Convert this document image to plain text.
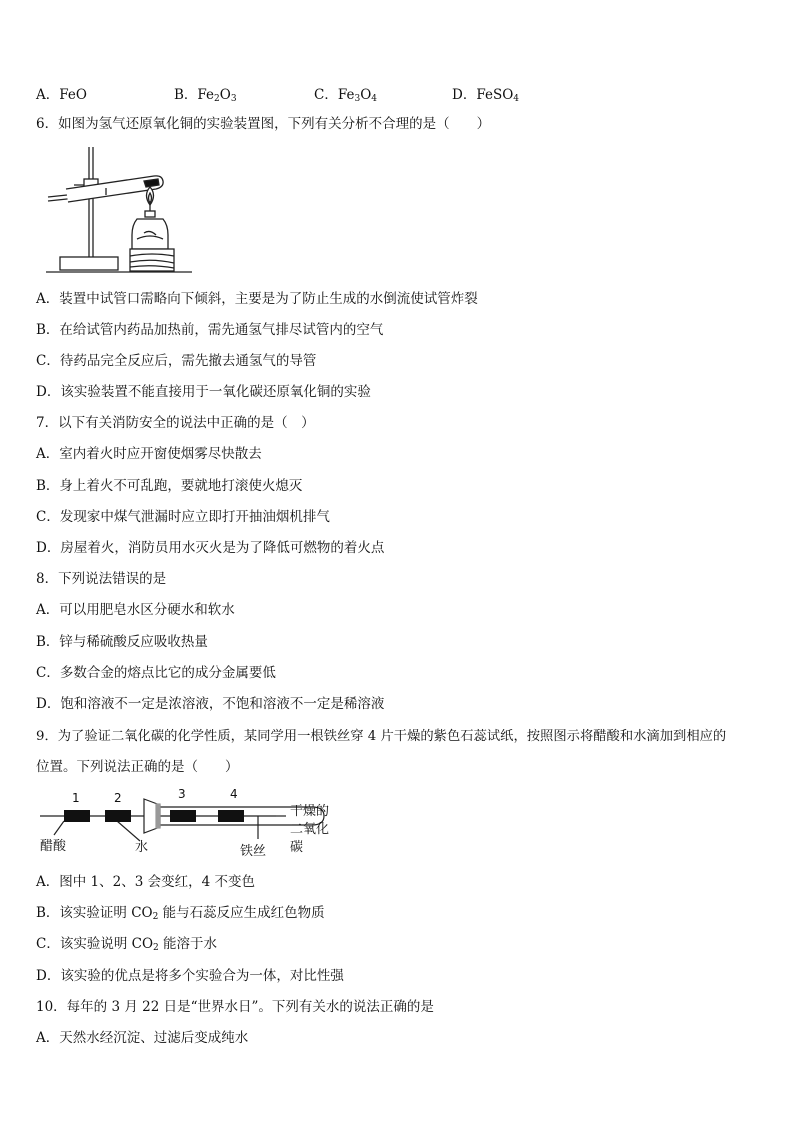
A．FeO	B．$Fe_2O_3$	C．$Fe_3O_4$	D．FeSO$_4$
6．如图为氢气还原氧化铜的实验装置图，下列有关分析不合理的是（　　）
A．装置中试管口需略向下倾斜，主要是为了防止生成的水倒流使试管炸裂
B．在给试管内药品加热前，需先通氢气排尽试管内的空气
C．待药品完全反应后，需先撤去通氢气的导管
D．该实验装置不能直接用于一氧化碳还原氧化铜的实验
7．以下有关消防安全的说法中正确的是（　）
A．室内着火时应开窗使烟雾尽快散去
B．身上着火不可乱跑，要就地打滚使火熄灭
C．发现家中煤气泄漏时应立即打开抽油烟机排气
D．房屋着火，消防员用水灭火是为了降低可燃物的着火点
8．下列说法错误的是
A．可以用肥皂水区分硬水和软水
B．锌与稀硫酸反应吸收热量
C．多数合金的熔点比它的成分金属要低
D．饱和溶液不一定是浓溶液，不饱和溶液不一定是稀溶液
9．为了验证二氧化碳的化学性质，某同学用一根铁丝穿 4 片干燥的紫色石蕊试纸，按照图示将醋酸和水滴加到相应的
位置。下列说法正确的是（　　）
1	2	3	4
醋酸	水	铁丝
干燥的
二氧化
碳
A．图中 1、2、3 会变红，4 不变色
B．该实验证明 $CO_2$ 能与石蕊反应生成红色物质
C．该实验说明 $CO_2$ 能溶于水
D．该实验的优点是将多个实验合为一体，对比性强
10．每年的 3 月 22 日是“世界水日”。下列有关水的说法正确的是
A．天然水经沉淀、过滤后变成纯水
